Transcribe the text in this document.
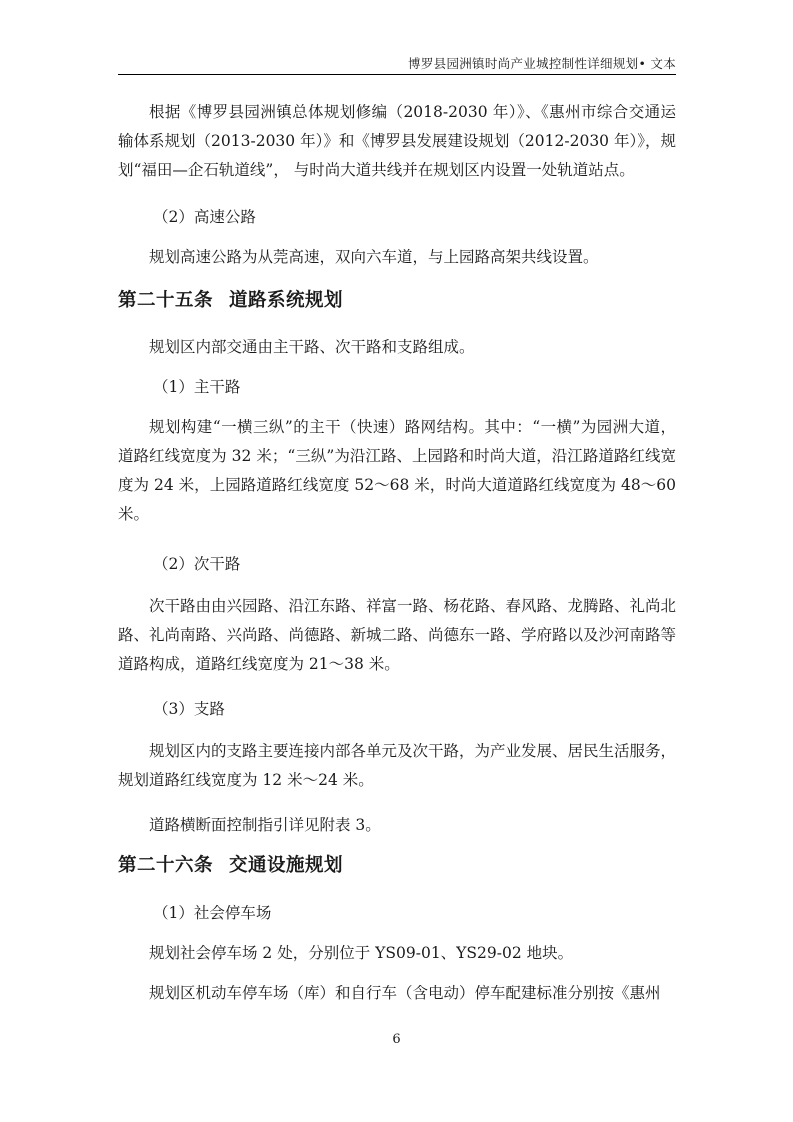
博罗县园洲镇时尚产业城控制性详细规划• 文本

根据《博罗县园洲镇总体规划修编（2018-2030 年）》、《惠州市综合交通运输体系规划（2013-2030 年）》和《博罗县发展建设规划（2012-2030 年）》，规划“福田—企石轨道线”， 与时尚大道共线并在规划区内设置一处轨道站点。

（2）高速公路

规划高速公路为从莞高速，双向六车道，与上园路高架共线设置。

第二十五条 道路系统规划

规划区内部交通由主干路、次干路和支路组成。

（1）主干路

规划构建“一横三纵”的主干（快速）路网结构。其中：“一横”为园洲大道，道路红线宽度为 32 米；“三纵”为沿江路、上园路和时尚大道，沿江路道路红线宽度为 24 米，上园路道路红线宽度 52～68 米，时尚大道道路红线宽度为 48～60 米。

（2）次干路

次干路由由兴园路、沿江东路、祥富一路、杨花路、春风路、龙腾路、礼尚北路、礼尚南路、兴尚路、尚德路、新城二路、尚德东一路、学府路以及沙河南路等道路构成，道路红线宽度为 21～38 米。

（3）支路

规划区内的支路主要连接内部各单元及次干路，为产业发展、居民生活服务，规划道路红线宽度为 12 米～24 米。

道路横断面控制指引详见附表 3。

第二十六条 交通设施规划

（1）社会停车场

规划社会停车场 2 处，分别位于 YS09-01、YS29-02 地块。

规划区机动车停车场（库）和自行车（含电动）停车配建标准分别按《惠州

6
